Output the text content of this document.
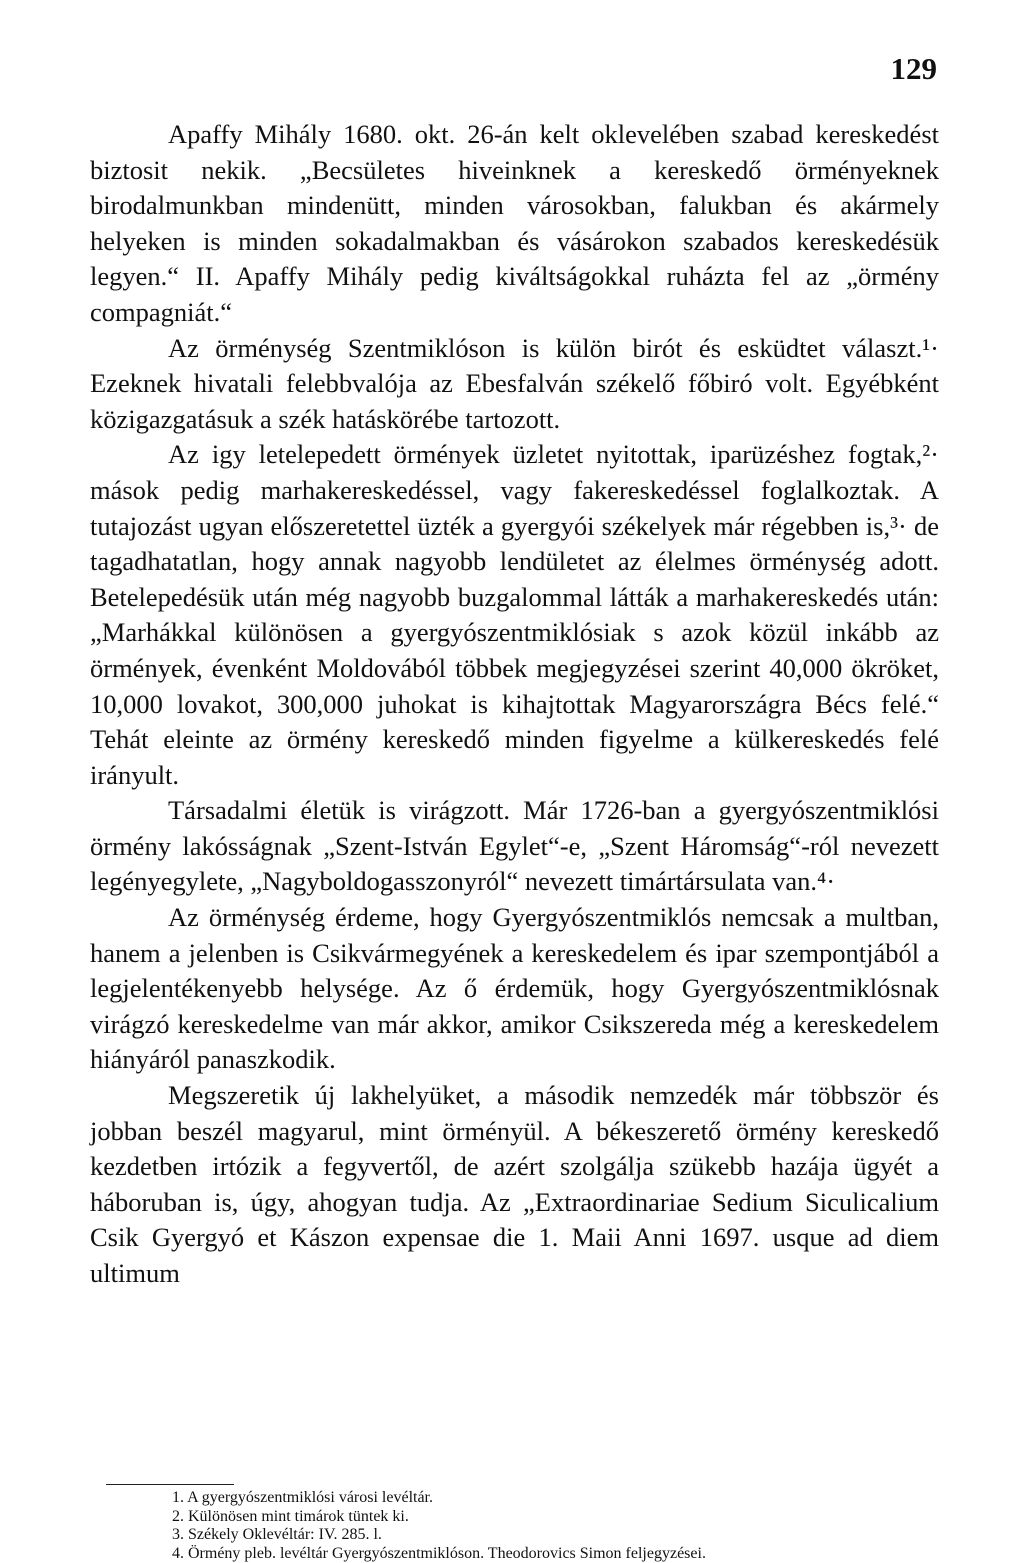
129

Apaffy Mihály 1680. okt. 26-án kelt oklevelében szabad kereskedést biztosit nekik. „Becsületes hiveinknek a kereskedő örményeknek birodalmunkban mindenütt, minden városokban, falukban és akármely helyeken is minden sokadalmakban és vásárokon szabados kereskedésük legyen.“ II. Apaffy Mihály pedig kiváltságokkal ruházta fel az „örmény compagniát.“

Az örménység Szentmiklóson is külön birót és esküdtet választ.¹· Ezeknek hivatali felebbvalója az Ebesfalván székelő főbiró volt. Egyébként közigazgatásuk a szék hatáskörébe tartozott.

Az igy letelepedett örmények üzletet nyitottak, iparüzéshez fogtak,²· mások pedig marhakereskedéssel, vagy fakereskedéssel foglalkoztak. A tutajozást ugyan előszeretettel üzték a gyergyói székelyek már régebben is,³· de tagadhatatlan, hogy annak nagyobb lendületet az élelmes örménység adott. Betelepedésük után még nagyobb buzgalommal látták a marhakereskedés után: „Marhákkal különösen a gyergyószentmiklósiak s azok közül inkább az örmények, évenként Moldovából többek megjegyzései szerint 40,000 ökröket, 10,000 lovakot, 300,000 juhokat is kihajtottak Magyarországra Bécs felé.“ Tehát eleinte az örmény kereskedő minden figyelme a külkereskedés felé irányult.

Társadalmi életük is virágzott. Már 1726-ban a gyergyószentmiklósi örmény lakósságnak „Szent-István Egylet“-e, „Szent Háromság“-ról nevezett legényegylete, „Nagyboldogasszonyról“ nevezett timártársulata van.⁴·

Az örménység érdeme, hogy Gyergyószentmiklós nemcsak a multban, hanem a jelenben is Csikvármegyének a kereskedelem és ipar szempontjából a legjelentékenyebb helysége. Az ő érdemük, hogy Gyergyószentmiklósnak virágzó kereskedelme van már akkor, amikor Csikszereda még a kereskedelem hiányáról panaszkodik.

Megszeretik új lakhelyüket, a második nemzedék már többször és jobban beszél magyarul, mint örményül. A békeszerető örmény kereskedő kezdetben irtózik a fegyvertől, de azért szolgálja szükebb hazája ügyét a háboruban is, úgy, ahogyan tudja. Az „Extraordinariae Sedium Siculicalium Csik Gyergyó et Kászon expensae die 1. Maii Anni 1697. usque ad diem ultimum

1. A gyergyószentmiklósi városi levéltár.

2. Különösen mint timárok tüntek ki.

3. Székely Oklevéltár: IV. 285. l.

4. Örmény pleb. levéltár Gyergyószentmiklóson. Theodorovics Simon feljegyzései.
